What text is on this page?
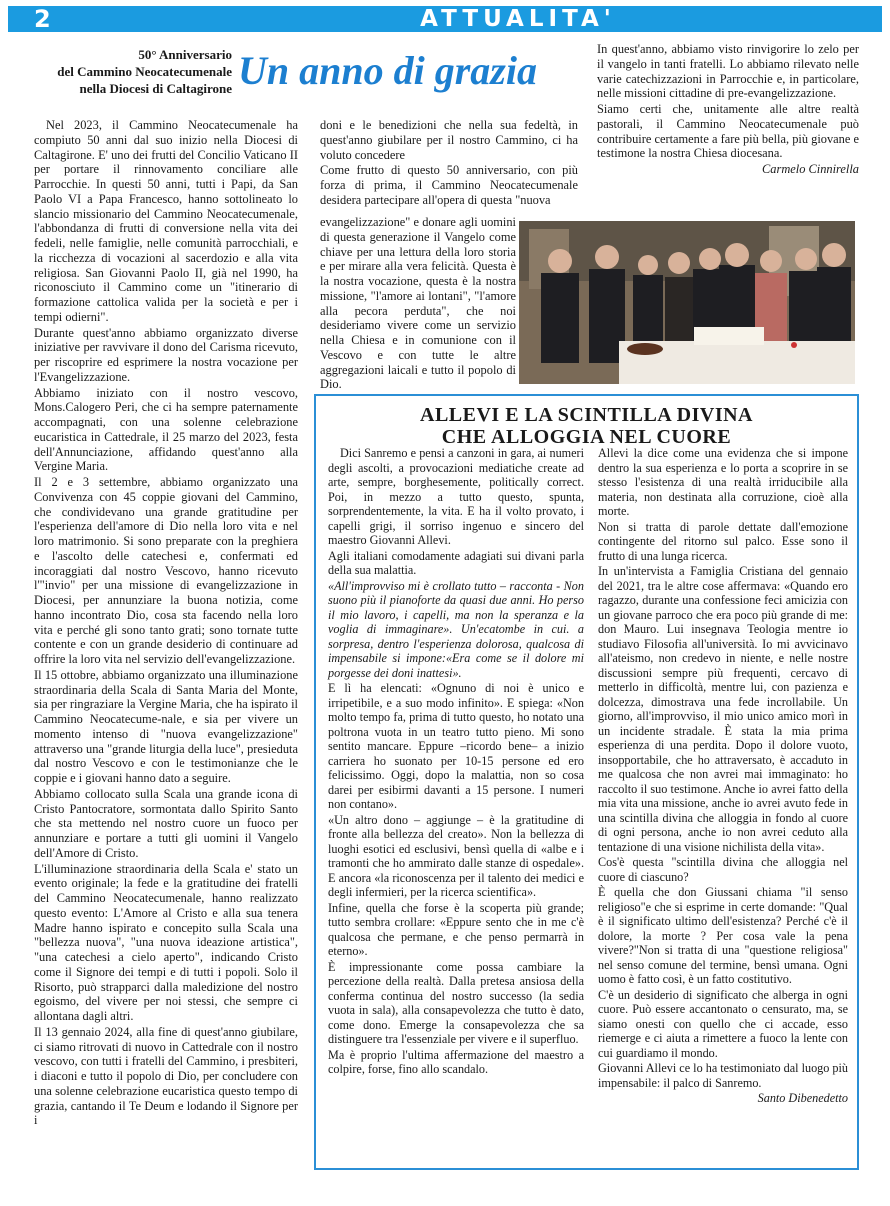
2	ATTUALITA'
50° Anniversario
del Cammino Neocatecumenale
nella Diocesi di Caltagirone Un anno di grazia

Nel 2023, il Cammino Neocatecumenale ha compiuto 50 anni dal suo inizio nella Diocesi di Caltagirone. E' uno dei frutti del Concilio Vaticano II per portare il rinnovamento conciliare alle Parrocchie. In questi 50 anni, tutti i Papi, da San Paolo VI a Papa Francesco, hanno sottolineato lo slancio missionario del Cammino Neocatecumenale, l'abbondanza di frutti di conversione nella vita dei fedeli, nelle famiglie, nelle comunità parrocchiali, e la ricchezza di vocazioni al sacerdozio e alla vita religiosa. San Giovanni Paolo II, già nel 1990, ha riconosciuto il Cammino come un "itinerario di formazione cattolica valida per la società e per i tempi odierni".

Durante quest'anno abbiamo organizzato diverse iniziative per ravvivare il dono del Carisma ricevuto, per riscoprire ed esprimere la nostra vocazione per l'Evangelizzazione.

Abbiamo iniziato con il nostro vescovo, Mons.Calogero Peri, che ci ha sempre paternamente accompagnati, con una solenne celebrazione eucaristica in Cattedrale, il 25 marzo del 2023, festa dell'Annunciazione, affidando quest'anno alla Vergine Maria.

Il 2 e 3 settembre, abbiamo organizzato una Convivenza con 45 coppie giovani del Cammino, che condividevano una grande gratitudine per l'esperienza dell'amore di Dio nella loro vita e nel loro matrimonio. Si sono preparate con la preghiera e l'ascolto delle catechesi e, confermati ed incoraggiati dal nostro Vescovo, hanno ricevuto l'"invio" per una missione di evangelizzazione in Diocesi, per annunziare la buona notizia, come hanno incontrato Dio, cosa sta facendo nella loro vita e perché gli sono tanto grati; sono tornate tutte contente e con un grande desiderio di continuare ad offrire la loro vita nel servizio dell'evangelizzazione.

Il 15 ottobre, abbiamo organizzato una illuminazione straordinaria della Scala di Santa Maria del Monte, sia per ringraziare la Vergine Maria, che ha ispirato il Cammino Neocatecume-nale, e sia per vivere un momento intenso di "nuova evangelizzazione" attraverso una "grande liturgia della luce", presieduta dal nostro Vescovo e con le testimonianze che le coppie e i giovani hanno dato a seguire.

Abbiamo collocato sulla Scala una grande icona di Cristo Pantocratore, sormontata dallo Spirito Santo che sta mettendo nel nostro cuore un fuoco per annunziare e portare a tutti gli uomini il Vangelo dell'Amore di Cristo.

L'illuminazione straordinaria della Scala e' stato un evento originale; la fede e la gratitudine dei fratelli del Cammino Neocatecumenale, hanno realizzato questo evento: L'Amore al Cristo e alla sua tenera Madre hanno ispirato e concepito sulla Scala una "bellezza nuova", "una nuova ideazione artistica", "una catechesi a cielo aperto", indicando Cristo come il Signore dei tempi e di tutti i popoli. Solo il Risorto, può strapparci dalla maledizione del nostro egoismo, del vivere per noi stessi, che sempre ci allontana dagli altri.

Il 13 gennaio 2024, alla fine di quest'anno giubilare, ci siamo ritrovati di nuovo in Cattedrale con il nostro vescovo, con tutti i fratelli del Cammino, i presbiteri, i diaconi e tutto il popolo di Dio, per concludere con una solenne celebrazione eucaristica questo tempo di grazia, cantando il Te Deum e lodando il Signore per i

doni e le benedizioni che nella sua fedeltà, in quest'anno giubilare per il nostro Cammino, ci ha voluto concedere

Come frutto di questo 50 anniversario, con più forza di prima, il Cammino Neocatecumenale desidera partecipare all'opera di questa "nuova

evangelizzazione" e donare agli uomini di questa generazione il Vangelo come chiave per una lettura della loro storia e per mirare alla vera felicità. Questa è la nostra vocazione, questa è la nostra missione, "l'amore ai lontani", "l'amore alla pecora perduta", che noi desideriamo vivere come un servizio nella Chiesa e in comunione con il Vescovo e con tutte le altre aggregazioni laicali e tutto il popolo di Dio.

In quest'anno, abbiamo visto rinvigorire lo zelo per il vangelo in tanti fratelli. Lo abbiamo rilevato nelle varie catechizzazioni in Parrocchie e, in particolare, nelle missioni cittadine di pre-evangelizzazione.

Siamo certi che, unitamente alle altre realtà pastorali, il Cammino Neocatecumenale può contribuire certamente a fare più bella, più giovane e testimone la nostra Chiesa diocesana.

Carmelo Cinnirella

ALLEVI E LA SCINTILLA DIVINA
CHE ALLOGGIA NEL CUORE

Dici Sanremo e pensi a canzoni in gara, ai numeri degli ascolti, a provocazioni mediatiche create ad arte, sempre, borghesemente, politically correct. Poi, in mezzo a tutto questo, spunta, sorprendentemente, la vita. E ha il volto provato, i capelli grigi, il sorriso ingenuo e sincero del maestro Giovanni Allevi.

Agli italiani comodamente adagiati sui divani parla della sua malattia.

«All'improvviso mi è crollato tutto – racconta - Non suono più il pianoforte da quasi due anni. Ho perso il mio lavoro, i capelli, ma non la speranza e la voglia di immaginare». Un'ecatombe in cui. a sorpresa, dentro l'esperienza dolorosa, qualcosa di impensabile si impone:«Era come se il dolore mi porgesse dei doni inattesi».

E lì ha elencati: «Ognuno di noi è unico e irripetibile, e a suo modo infinito». E spiega: «Non molto tempo fa, prima di tutto questo, ho notato una poltrona vuota in un teatro tutto pieno. Mi sono sentito mancare. Eppure –ricordo bene– a inizio carriera ho suonato per 10-15 persone ed ero felicissimo. Oggi, dopo la malattia, non so cosa darei per esibirmi davanti a 15 persone. I numeri non contano».

«Un altro dono – aggiunge – è la gratitudine di fronte alla bellezza del creato». Non la bellezza di luoghi esotici ed esclusivi, bensì quella di «albe e i tramonti che ho ammirato dalle stanze di ospedale». E ancora «la riconoscenza per il talento dei medici e degli infermieri, per la ricerca scientifica».

Infine, quella che forse è la scoperta più grande; tutto sembra crollare: «Eppure sento che in me c'è qualcosa che permane, e che penso permarrà in eterno».

È impressionante come possa cambiare la percezione della realtà. Dalla pretesa ansiosa della conferma continua del nostro successo (la sedia vuota in sala), alla consapevolezza che tutto è dato, come dono. Emerge la consapevolezza che sa distinguere tra l'essenziale per vivere e il superfluo.

Ma è proprio l'ultima affermazione del maestro a colpire, forse, fino allo scandalo.

Allevi la dice come una evidenza che si impone dentro la sua esperienza e lo porta a scoprire in se stesso l'esistenza di una realtà irriducibile alla materia, non destinata alla corruzione, cioè alla morte.

Non si tratta di parole dettate dall'emozione contingente del ritorno sul palco. Esse sono il frutto di una lunga ricerca.

In un'intervista a Famiglia Cristiana del gennaio del 2021, tra le altre cose affermava: «Quando ero ragazzo, durante una confessione feci amicizia con un giovane parroco che era poco più grande di me: don Mauro. Lui insegnava Teologia mentre io studiavo Filosofia all'università. Io mi avvicinavo all'ateismo, non credevo in niente, e nelle nostre discussioni sempre più frequenti, cercavo di metterlo in difficoltà, mentre lui, con pazienza e dolcezza, dimostrava una fede incrollabile. Un giorno, all'improvviso, il mio unico amico morì in un incidente stradale. È stata la mia prima esperienza di una perdita. Dopo il dolore vuoto, insopportabile, che ho attraversato, è accaduto in me qualcosa che non avrei mai immaginato: ho raccolto il suo testimone. Anche io avrei fatto della mia vita una missione, anche io avrei avuto fede in una scintilla divina che alloggia in fondo al cuore di ogni persona, anche io non avrei ceduto alla tentazione di una visione nichilista della vita».

Cos'è questa "scintilla divina che alloggia nel cuore di ciascuno?

È quella che don Giussani chiama "il senso religioso"e che si esprime in certe domande: "Qual è il significato ultimo dell'esistenza? Perché c'è il dolore, la morte ? Per cosa vale la pena vivere?"Non si tratta di una "questione religiosa" nel senso comune del termine, bensì umana. Ogni uomo è fatto così, è un fatto costitutivo.

C'è un desiderio di significato che alberga in ogni cuore. Può essere accantonato o censurato, ma, se siamo onesti con quello che ci accade, esso riemerge e ci aiuta a rimettere a fuoco la lente con cui guardiamo il mondo.

Giovanni Allevi ce lo ha testimoniato dal luogo più impensabile: il palco di Sanremo.

Santo Dibenedetto
